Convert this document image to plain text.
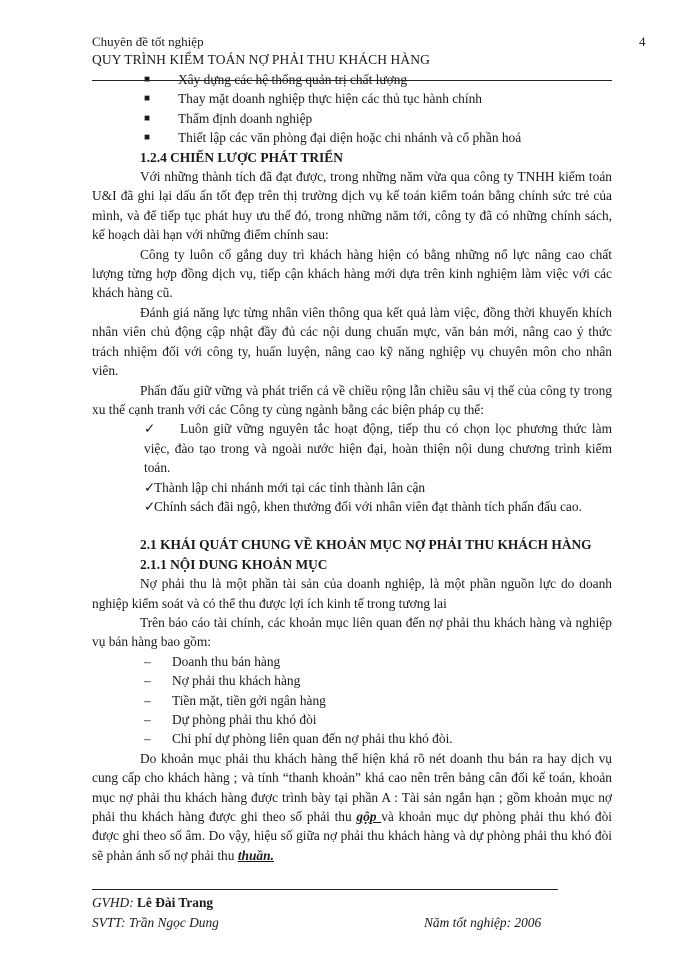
Chuyên đề tốt nghiệp	4
QUY TRÌNH KIỂM TOÁN NỢ PHẢI THU KHÁCH HÀNG
■	Xây dựng các hệ thống quản trị chất lượng
■	Thay mặt doanh nghiệp thực hiện các thủ tục hành chính
■	Thẩm định doanh nghiệp
■	Thiết lập các văn phòng đại diện hoặc chi nhánh và cổ phần hoá
1.2.4 CHIẾN LƯỢC PHÁT TRIỂN

Với những thành tích đã đạt được, trong những năm vừa qua công ty TNHH kiểm toán U&I đã ghi lại dấu ấn tốt đẹp trên thị trường dịch vụ kế toán kiểm toán bằng chính sức trẻ của mình, và để tiếp tục phát huy ưu thế đó, trong những năm tới, công ty đã có những chính sách, kế hoạch dài hạn với những điểm chính sau:

Công ty luôn cố gắng duy trì khách hàng hiện có bằng những nổ lực nâng cao chất lượng từng hợp đồng dịch vụ, tiếp cận khách hàng mới dựa trên kinh nghiệm làm việc với các khách hàng cũ.

Đánh giá năng lực từng nhân viên thông qua kết quả làm việc, đồng thời khuyến khích nhân viên chủ động cập nhật đầy đủ các nội dung chuẩn mực, văn bản mới, nâng cao ý thức trách nhiệm đối với công ty, huấn luyện, nâng cao kỹ năng nghiệp vụ chuyên môn cho nhân viên.

Phấn đấu giữ vững và phát triển cả về chiều rộng lẫn chiều sâu vị thế của công ty trong xu thế cạnh tranh với các Công ty cùng ngành bằng các biện pháp cụ thể:

✓ Luôn giữ vững nguyên tắc hoạt động, tiếp thu có chọn lọc phương thức làm việc, đào tạo trong và ngoài nước hiện đại, hoàn thiện nội dung chương trình kiểm toán.

✓
Thành lập chi nhánh mới tại các tỉnh thành lân cận
✓
Chính sách đãi ngộ, khen thưởng đối với nhân viên đạt thành tích phấn đấu cao.
2.1 KHÁI QUÁT CHUNG VỀ KHOẢN MỤC NỢ PHẢI THU KHÁCH HÀNG
2.1.1 NỘI DUNG KHOẢN MỤC

Nợ phải thu là một phần tài sản của doanh nghiệp, là một phần nguồn lực do doanh nghiệp kiểm soát và có thể thu được lợi ích kinh tế trong tương lai

Trên báo cáo tài chính, các khoản mục liên quan đến nợ phải thu khách hàng và nghiệp vụ bán hàng bao gồm:

–	Doanh thu bán hàng
–	Nợ phải thu khách hàng
–	Tiền mặt, tiền gởi ngân hàng
–	Dự phòng phải thu khó đòi
–	Chi phí dự phòng liên quan đến nợ phải thu khó đòi.

Do khoản mục phải thu khách hàng thể hiện khá rõ nét doanh thu bán ra hay dịch vụ cung cấp cho khách hàng ; và tính “thanh khoản” khá cao nên trên bảng cân đối kế toán, khoản mục nợ phải thu khách hàng được trình bày tại phần A : Tài sản ngắn hạn ; gồm khoản mục nợ phải thu khách hàng được ghi theo số phải thu gộp và khoản mục dự phòng phải thu khó đòi được ghi theo số âm. Do vậy, hiệu số giữa nợ phải thu khách hàng và dự phòng phải thu khó đòi sẽ phản ánh số nợ phải thu thuần.

GVHD: Lê Đài Trang
SVTT: Trần Ngọc Dung	Năm tốt nghiệp: 2006
